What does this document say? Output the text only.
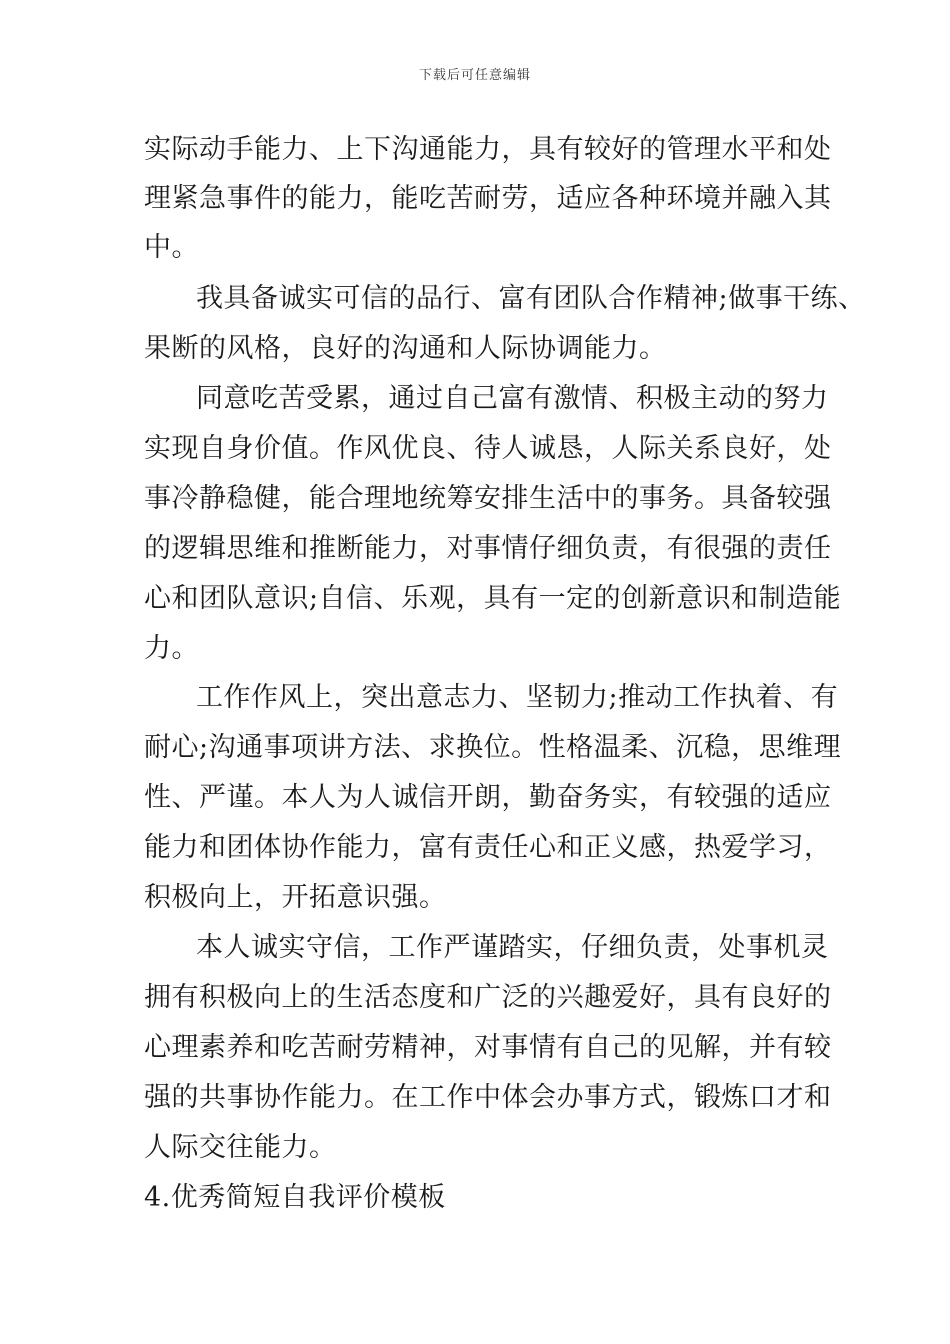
下载后可任意编辑
实际动手能力、上下沟通能力，具有较好的管理水平和处
理紧急事件的能力，能吃苦耐劳，适应各种环境并融入其
中。
我具备诚实可信的品行、富有团队合作精神;做事干练、
果断的风格，良好的沟通和人际协调能力。
同意吃苦受累，通过自己富有激情、积极主动的努力
实现自身价值。作风优良、待人诚恳，人际关系良好，处
事冷静稳健，能合理地统筹安排生活中的事务。具备较强
的逻辑思维和推断能力，对事情仔细负责，有很强的责任
心和团队意识;自信、乐观，具有一定的创新意识和制造能
力。
工作作风上，突出意志力、坚韧力;推动工作执着、有
耐心;沟通事项讲方法、求换位。性格温柔、沉稳，思维理
性、严谨。本人为人诚信开朗，勤奋务实，有较强的适应
能力和团体协作能力，富有责任心和正义感，热爱学习，
积极向上，开拓意识强。
本人诚实守信，工作严谨踏实，仔细负责，处事机灵
拥有积极向上的生活态度和广泛的兴趣爱好，具有良好的
心理素养和吃苦耐劳精神，对事情有自己的见解，并有较
强的共事协作能力。在工作中体会办事方式，锻炼口才和
人际交往能力。
4.优秀简短自我评价模板
